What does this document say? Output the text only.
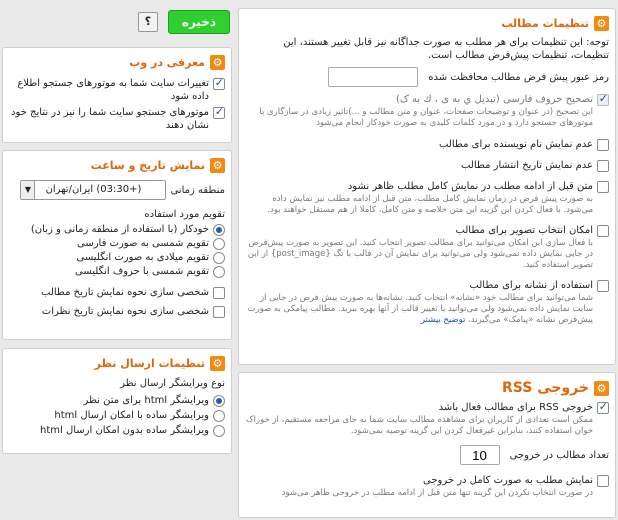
ذخیره
؟
⚙
معرفی در وب
✓
تغییرات سایت شما به موتورهای جستجو اطلاع داده شود
✓
موتورهای جستجو سایت شما را نیز در نتایج خود نشان دهند
⚙
نمایش تاریخ و ساعت
منطقه زمانی
(+03:30) ایران/تهران
▼
تقویم مورد استفاده
خودکار (با استفاده از منطقه زمانی و زبان)
تقویم شمسی به صورت فارسی
تقویم میلادی به صورت انگلیسی
تقویم شمسی با حروف انگلیسی
شخصی سازی نحوه نمایش تاریخ مطالب
شخصی سازی نحوه نمایش تاریخ نظرات
⚙
تنظیمات ارسال نظر
نوع ویرایشگر ارسال نظر
ویرایشگر html برای متن نظر
ویرایشگر ساده با امکان ارسال html
ویرایشگر ساده بدون امکان ارسال html
⚙
تنظیمات مطالب
توجه: این تنظیمات برای هر مطلب به صورت جداگانه نیز قابل تغییر هستند، این تنظیمات، تنظیمات پیش‌فرض مطالب است.
رمز عبور پیش فرض مطالب محافظت شده
✓
تصحیح حروف فارسی (تبدیل ي به ی ، ك به ک)
این تصحیح (در عنوان و توضیحات صفحات، عنوان و متن مطالب و ...)تاثیر زیادی در سازگاری با موتورهای جستجو دارد و در مورد کلمات کلیدی به صورت خودکار انجام می‌شود
عدم نمایش نام نویسنده برای مطالب
عدم نمایش تاریخ انتشار مطالب
متن قبل از ادامه مطلب در نمایش کامل مطلب ظاهر نشود
به صورت پیش فرض در زمان نمایش کامل مطلب، متن قبل از ادامه مطلب نیز نمایش داده می‌شود. با فعال کردن این گزینه این متن خلاصه و متن کامل، کاملا از هم مستقل خواهند بود.
امکان انتخاب تصویر برای مطالب
با فعال سازی این امکان می‌توانید برای مطالب تصویر انتخاب کنید. این تصویر به صورت پیش‌فرض در جایی نمایش داده نمی‌شود ولی می‌توانید برای نمایش آن در قالب با تگ {post_image} از این تصویر استفاده کنید.
استفاده از نشانه برای مطالب
شما می‌توانید برای مطالب خود «نشانه» انتخاب کنید. نشانه‌ها به صورت پیش فرض در جایی از سایت نمایش داده نمی‌شود ولی می‌توانید با تغییر قالب از آنها بهره ببرید. مطالب پیامکی به صورت پیش‌فرض نشانه «پیامک» می‌گیرند. توضیح بیشتر
⚙
خروجی RSS
✓
خروجی RSS برای مطالب فعال باشد
ممکن است تعدادی از کاربران برای مشاهده مطالب سایت شما به جای مراجعه مستقیم، از خوراک خوان استفاده کنند، بنابراین غیرفعال کردن این گزینه توصیه نمی‌شود.
تعداد مطالب در خروجی
10
نمایش مطلب به صورت کامل در خروجی
در صورت انتخاب نکردن این گزینه تنها متن قبل از ادامه مطلب در خروجی ظاهر می‌شود
